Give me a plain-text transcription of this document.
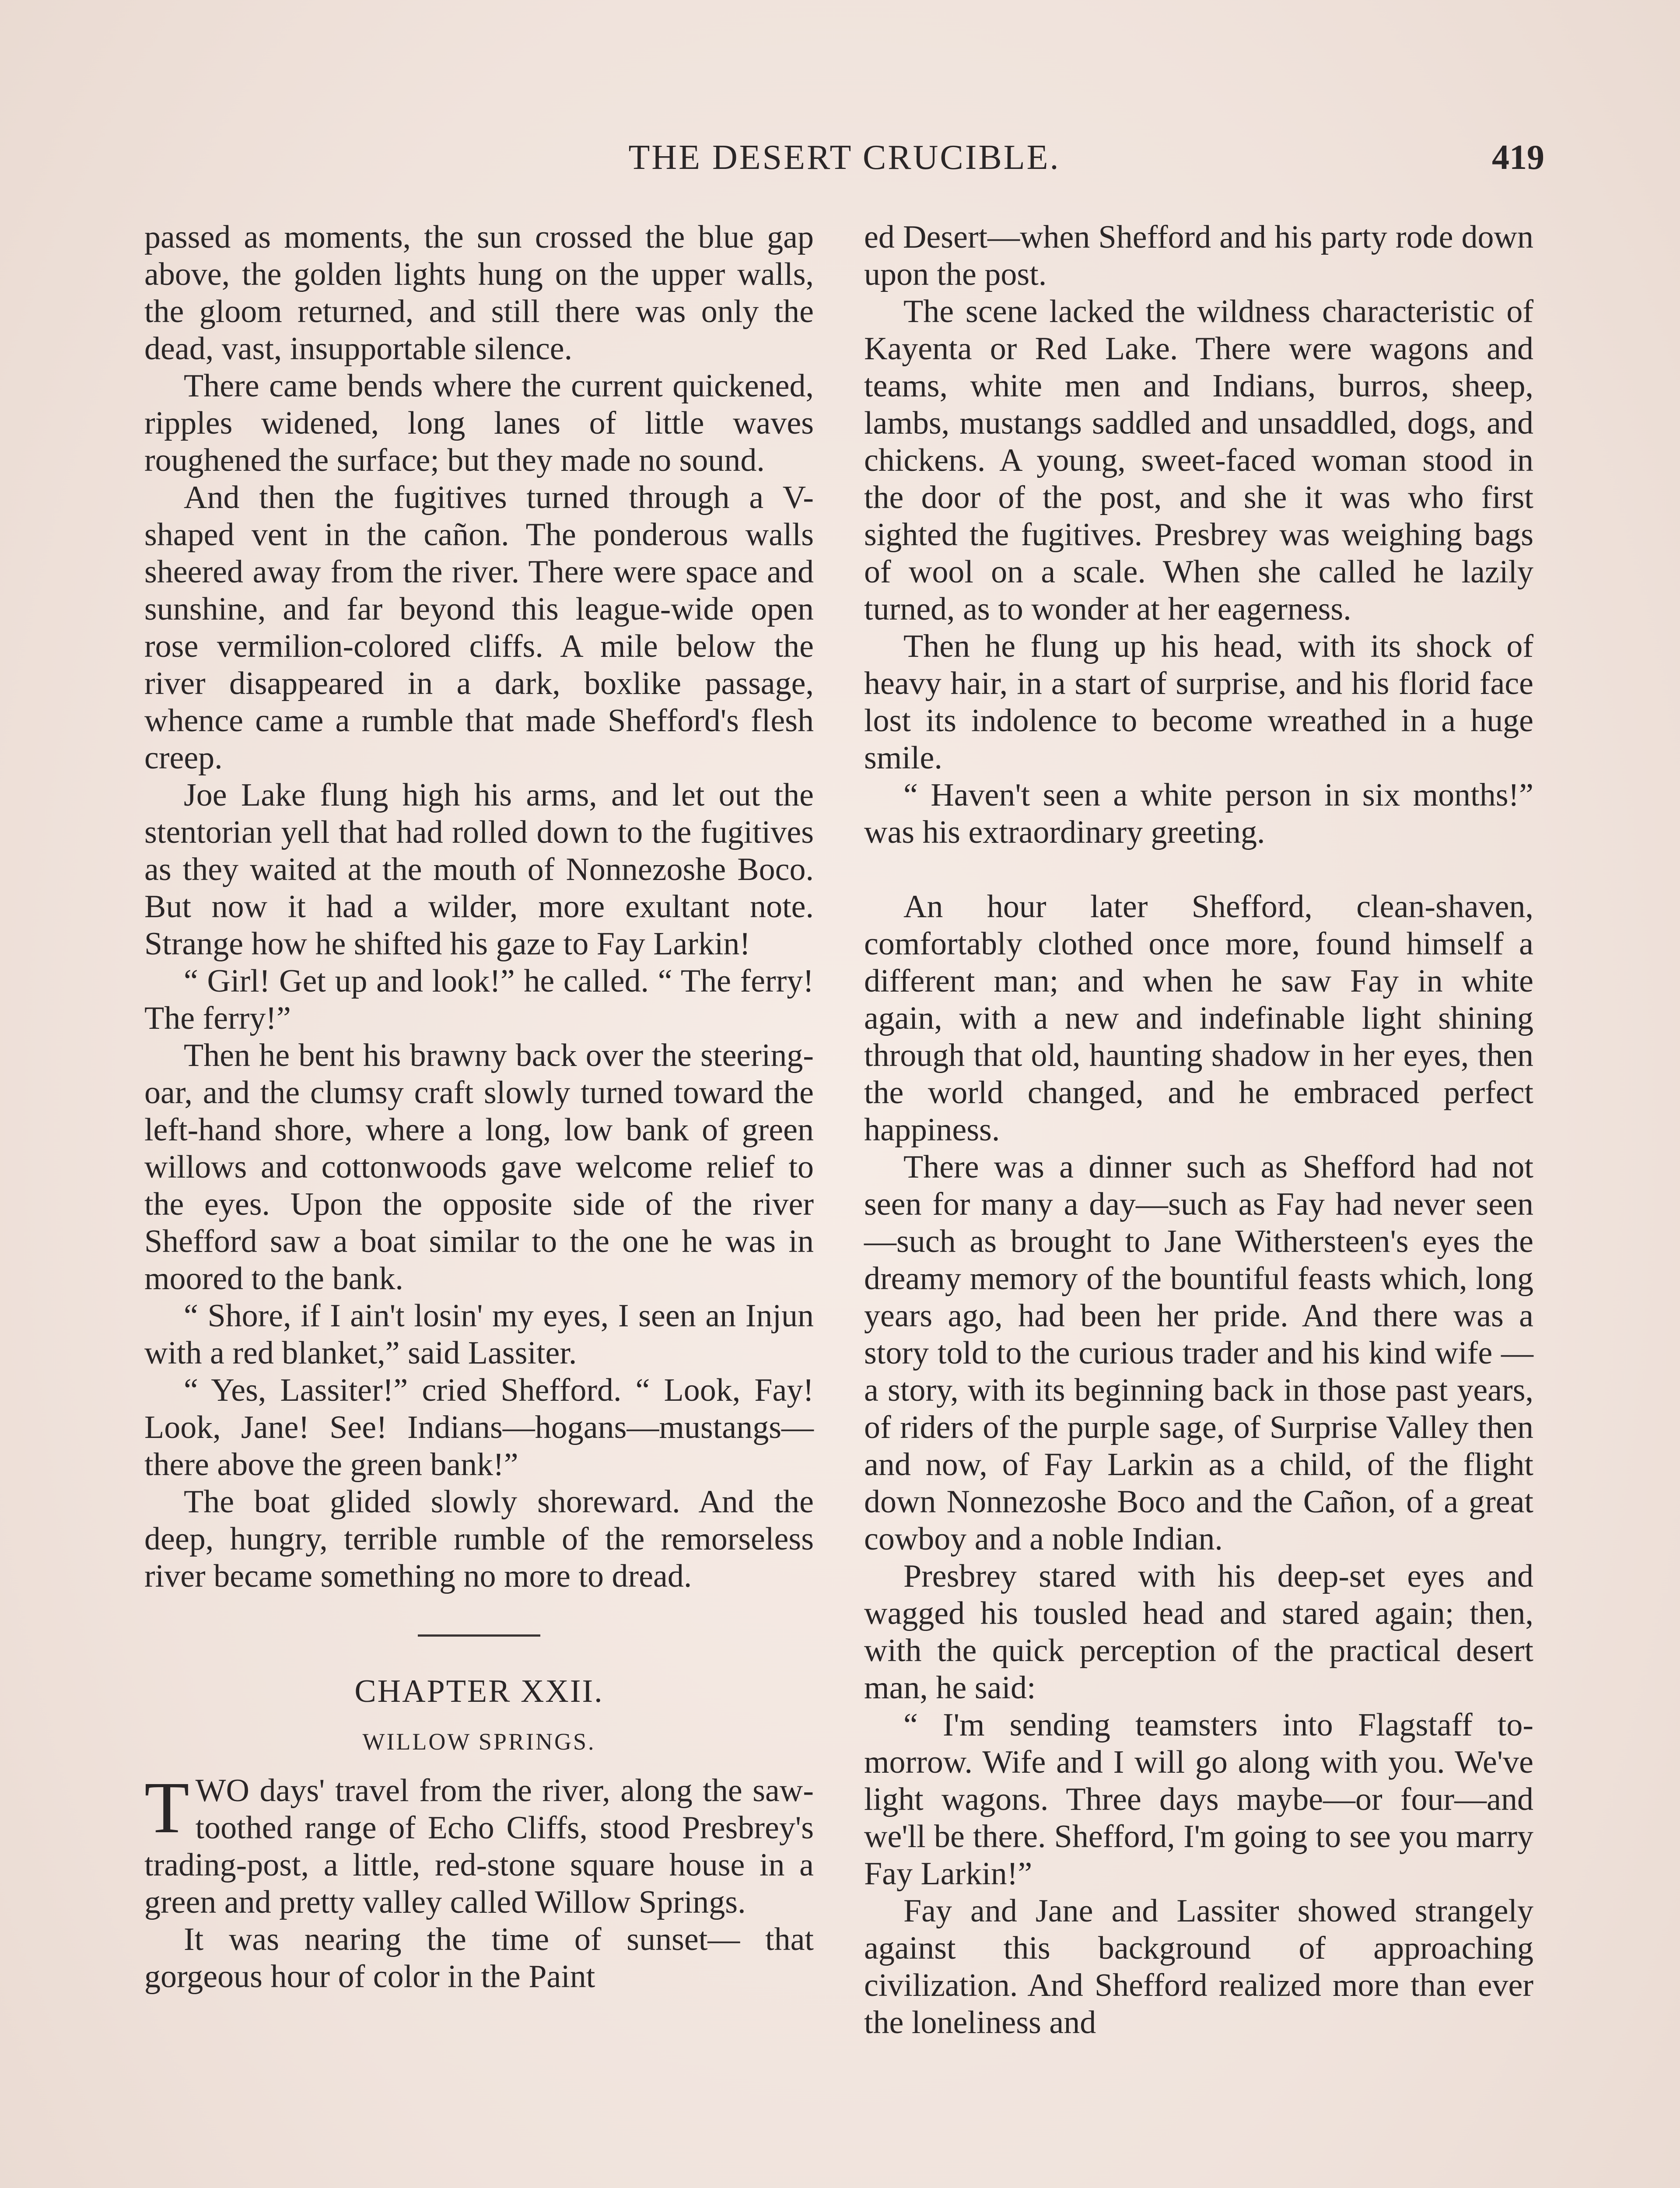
THE DESERT CRUCIBLE.	419

passed as moments, the sun crossed the blue gap above, the golden lights hung on the upper walls, the gloom returned, and still there was only the dead, vast, insupportable silence.

There came bends where the current quickened, ripples widened, long lanes of little waves roughened the surface; but they made no sound.

And then the fugitives turned through a V-shaped vent in the cañon. The ponderous walls sheered away from the river. There were space and sunshine, and far beyond this league-wide open rose vermilion-colored cliffs. A mile below the river disappeared in a dark, boxlike passage, whence came a rumble that made Shefford's flesh creep.

Joe Lake flung high his arms, and let out the stentorian yell that had rolled down to the fugitives as they waited at the mouth of Nonnezoshe Boco. But now it had a wilder, more exultant note. Strange how he shifted his gaze to Fay Larkin!

“ Girl! Get up and look!” he called. “ The ferry! The ferry!”

Then he bent his brawny back over the steering-oar, and the clumsy craft slowly turned toward the left-hand shore, where a long, low bank of green willows and cottonwoods gave welcome relief to the eyes. Upon the opposite side of the river Shefford saw a boat similar to the one he was in moored to the bank.

“ Shore, if I ain't losin' my eyes, I seen an Injun with a red blanket,” said Lassiter.

“ Yes, Lassiter!” cried Shefford. “ Look, Fay! Look, Jane! See! Indians—hogans—mustangs—there above the green bank!”

The boat glided slowly shoreward. And the deep, hungry, terrible rumble of the remorseless river became something no more to dread.

CHAPTER XXII.
WILLOW SPRINGS.

TWO days' travel from the river, along the saw-toothed range of Echo Cliffs, stood Presbrey's trading-post, a little, red-stone square house in a green and pretty valley called Willow Springs.

It was nearing the time of sunset— that gorgeous hour of color in the Paint

ed Desert—when Shefford and his party rode down upon the post.

The scene lacked the wildness characteristic of Kayenta or Red Lake. There were wagons and teams, white men and Indians, burros, sheep, lambs, mustangs saddled and unsaddled, dogs, and chickens. A young, sweet-faced woman stood in the door of the post, and she it was who first sighted the fugitives. Presbrey was weighing bags of wool on a scale. When she called he lazily turned, as to wonder at her eagerness.

Then he flung up his head, with its shock of heavy hair, in a start of surprise, and his florid face lost its indolence to become wreathed in a huge smile.

“ Haven't seen a white person in six months!” was his extraordinary greeting.

An hour later Shefford, clean-shaven, comfortably clothed once more, found himself a different man; and when he saw Fay in white again, with a new and indefinable light shining through that old, haunting shadow in her eyes, then the world changed, and he embraced perfect happiness.

There was a dinner such as Shefford had not seen for many a day—such as Fay had never seen—such as brought to Jane Withersteen's eyes the dreamy memory of the bountiful feasts which, long years ago, had been her pride. And there was a story told to the curious trader and his kind wife — a story, with its beginning back in those past years, of riders of the purple sage, of Surprise Valley then and now, of Fay Larkin as a child, of the flight down Nonnezoshe Boco and the Cañon, of a great cowboy and a noble Indian.

Presbrey stared with his deep-set eyes and wagged his tousled head and stared again; then, with the quick perception of the practical desert man, he said:

“ I'm sending teamsters into Flagstaff to-morrow. Wife and I will go along with you. We've light wagons. Three days maybe—or four—and we'll be there. Shefford, I'm going to see you marry Fay Larkin!”

Fay and Jane and Lassiter showed strangely against this background of approaching civilization. And Shefford realized more than ever the loneliness and
